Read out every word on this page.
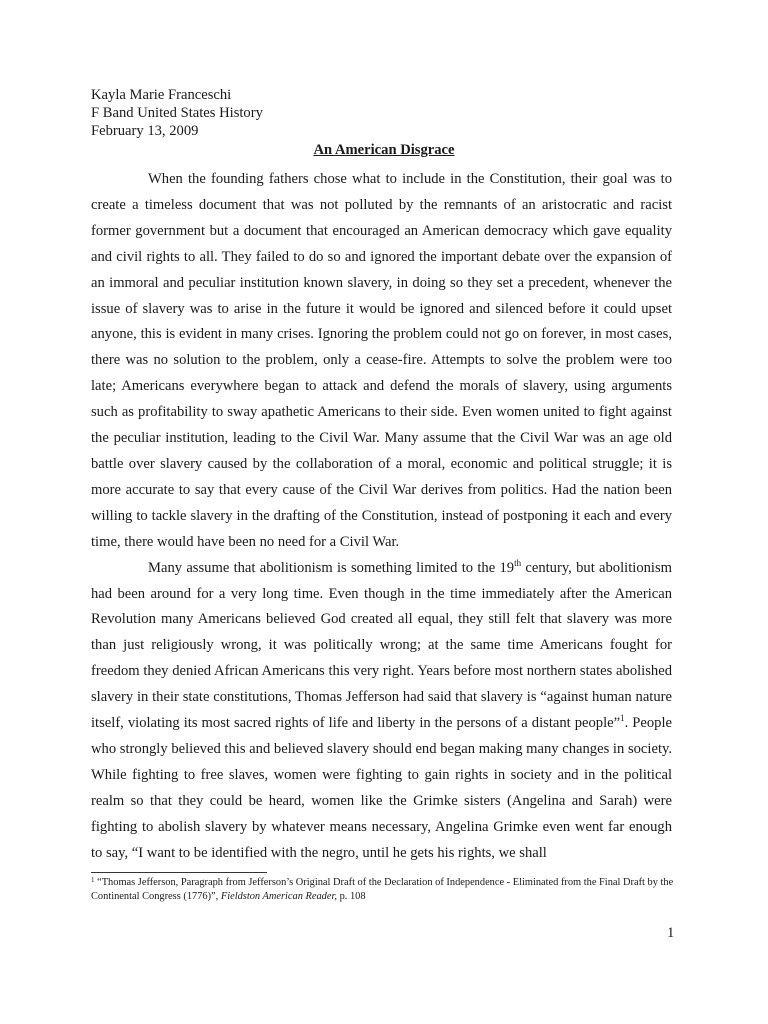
Kayla Marie Franceschi
F Band United States History
February 13, 2009
An American Disgrace

When the founding fathers chose what to include in the Constitution, their goal was to create a timeless document that was not polluted by the remnants of an aristocratic and racist former government but a document that encouraged an American democracy which gave equality and civil rights to all. They failed to do so and ignored the important debate over the expansion of an immoral and peculiar institution known slavery, in doing so they set a precedent, whenever the issue of slavery was to arise in the future it would be ignored and silenced before it could upset anyone, this is evident in many crises. Ignoring the problem could not go on forever, in most cases, there was no solution to the problem, only a cease-fire. Attempts to solve the problem were too late; Americans everywhere began to attack and defend the morals of slavery, using arguments such as profitability to sway apathetic Americans to their side. Even women united to fight against the peculiar institution, leading to the Civil War. Many assume that the Civil War was an age old battle over slavery caused by the collaboration of a moral, economic and political struggle; it is more accurate to say that every cause of the Civil War derives from politics. Had the nation been willing to tackle slavery in the drafting of the Constitution, instead of postponing it each and every time, there would have been no need for a Civil War.

Many assume that abolitionism is something limited to the 19th century, but abolitionism had been around for a very long time. Even though in the time immediately after the American Revolution many Americans believed God created all equal, they still felt that slavery was more than just religiously wrong, it was politically wrong; at the same time Americans fought for freedom they denied African Americans this very right. Years before most northern states abolished slavery in their state constitutions, Thomas Jefferson had said that slavery is “against human nature itself, violating its most sacred rights of life and liberty in the persons of a distant people”$^1$. People who strongly believed this and believed slavery should end began making many changes in society. While fighting to free slaves, women were fighting to gain rights in society and in the political realm so that they could be heard, women like the Grimke sisters (Angelina and Sarah) were fighting to abolish slavery by whatever means necessary, Angelina Grimke even went far enough to say, “I want to be identified with the negro, until he gets his rights, we shall

$^1$ “Thomas Jefferson, Paragraph from Jefferson’s Original Draft of the Declaration of Independence - Eliminated from the Final Draft by the Continental Congress (1776)”, Fieldston American Reader, p. 108
1
